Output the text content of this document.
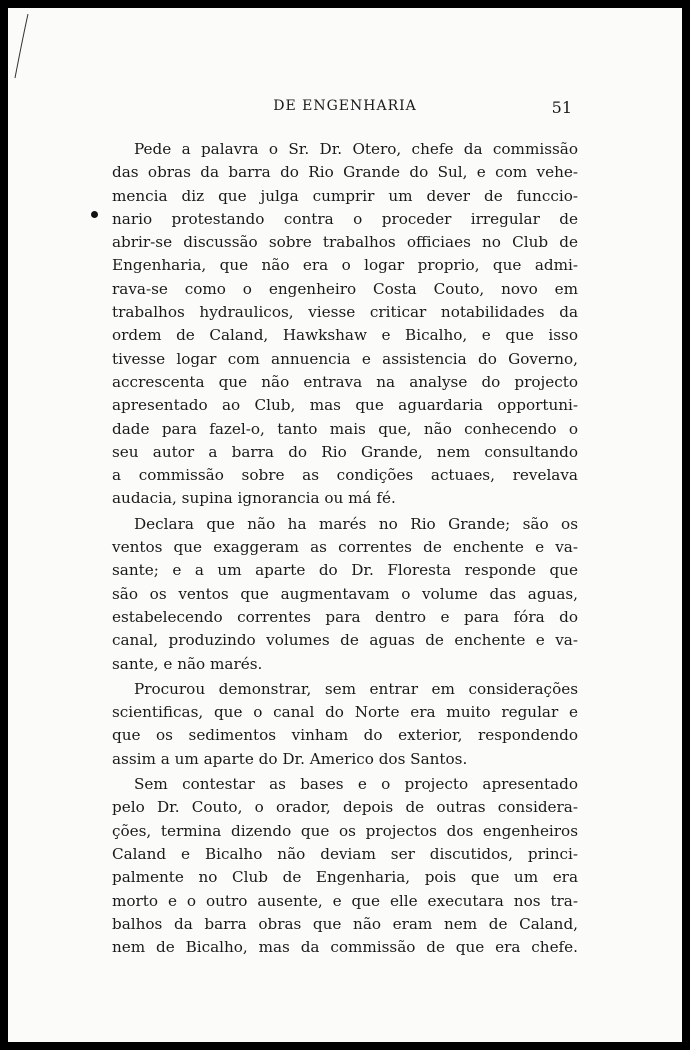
DE ENGENHARIA	51
Pede a palavra o Sr. Dr. Otero, chefe da commissão
das obras da barra do Rio Grande do Sul, e com vehe-
mencia diz que julga cumprir um dever de funccio-
nario protestando contra o proceder irregular de
abrir-se discussão sobre trabalhos officiaes no Club de
Engenharia, que não era o logar proprio, que admi-
rava-se como o engenheiro Costa Couto, novo em
trabalhos hydraulicos, viesse criticar notabilidades da
ordem de Caland, Hawkshaw e Bicalho, e que isso
tivesse logar com annuencia e assistencia do Governo,
accrescenta que não entrava na analyse do projecto
apresentado ao Club, mas que aguardaria opportuni-
dade para fazel-o, tanto mais que, não conhecendo o
seu autor a barra do Rio Grande, nem consultando
a commissão sobre as condições actuaes, revelava
audacia, supina ignorancia ou má fé.
Declara que não ha marés no Rio Grande; são os
ventos que exaggeram as correntes de enchente e va-
sante; e a um aparte do Dr. Floresta responde que
são os ventos que augmentavam o volume das aguas,
estabelecendo correntes para dentro e para fóra do
canal, produzindo volumes de aguas de enchente e va-
sante, e não marés.
Procurou demonstrar, sem entrar em considerações
scientificas, que o canal do Norte era muito regular e
que os sedimentos vinham do exterior, respondendo
assim a um aparte do Dr. Americo dos Santos.
Sem contestar as bases e o projecto apresentado
pelo Dr. Couto, o orador, depois de outras considera-
ções, termina dizendo que os projectos dos engenheiros
Caland e Bicalho não deviam ser discutidos, princi-
palmente no Club de Engenharia, pois que um era
morto e o outro ausente, e que elle executara nos tra-
balhos da barra obras que não eram nem de Caland,
nem de Bicalho, mas da commissão de que era chefe.
